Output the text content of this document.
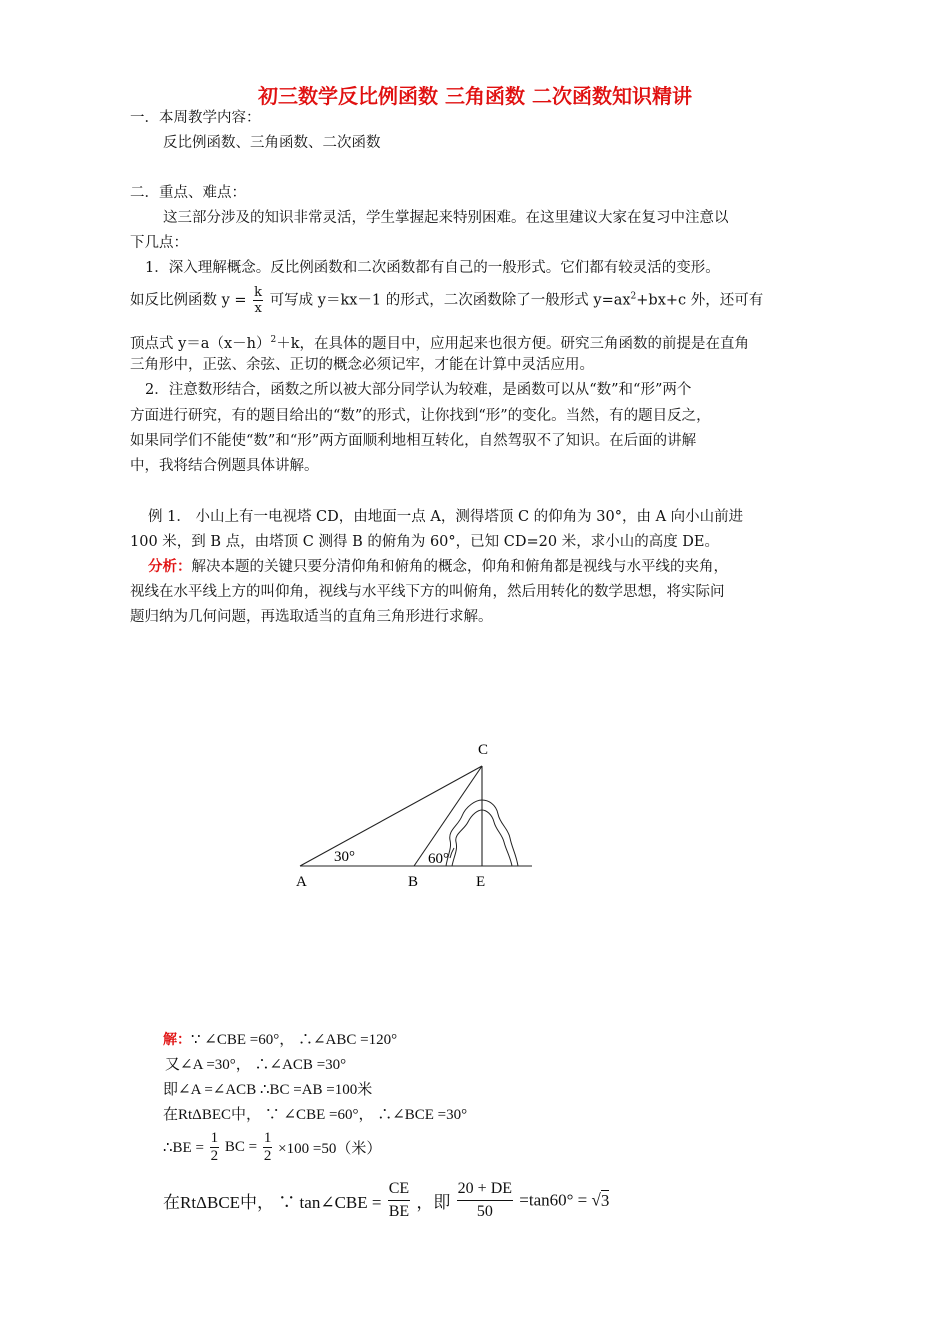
初三数学反比例函数 三角函数 二次函数知识精讲
一．本周教学内容：
反比例函数、三角函数、二次函数
二．重点、难点：
这三部分涉及的知识非常灵活，学生掌握起来特别困难。在这里建议大家在复习中注意以
下几点：
1．深入理解概念。反比例函数和二次函数都有自己的一般形式。它们都有较灵活的变形。
如反比例函数 $y = \frac{k}{x}$ 可写成 y＝kx－1 的形式，二次函数除了一般形式 $y=ax^2+bx+c$ 外，还可有
顶点式 $y=a(x-h)^2+k$，在具体的题目中，应用起来也很方便。研究三角函数的前提是在直角
三角形中，正弦、余弦、正切的概念必须记牢，才能在计算中灵活应用。
2．注意数形结合，函数之所以被大部分同学认为较难，是函数可以从“数”和“形”两个
方面进行研究，有的题目给出的“数”的形式，让你找到“形”的变化。当然，有的题目反之，
如果同学们不能使“数”和“形”两方面顺利地相互转化，自然驾驭不了知识。在后面的讲解
中，我将结合例题具体讲解。
例 1． 小山上有一电视塔 CD，由地面一点 A，测得塔顶 C 的仰角为 30°，由 A 向小山前进
100 米，到 B 点，由塔顶 C 测得 B 的俯角为 60°，已知 CD=20 米，求小山的高度 DE。
分析：解决本题的关键只要分清仰角和俯角的概念，仰角和俯角都是视线与水平线的夹角，
视线在水平线上方的叫仰角，视线与水平线下方的叫俯角，然后用转化的数学思想，将实际问
题归纳为几何问题，再选取适当的直角三角形进行求解。
C
A	B	E
30°	60°
解：∵ ∠CBE =60°， ∴∠ABC =120°
又∠A =30°， ∴∠ACB =30°
即∠A =∠ACB ∴BC =AB =100米
在RtΔBEC中， ∵ ∠CBE =60°， ∴∠BCE =30°
∴BE = $\frac{1}{2}$ BC = $\frac{1}{2} \times 100 =50$（米）
在RtΔBCE中， ∵ tan∠CBE = $\frac{CE}{BE}$ ，即 $\frac{20 + DE}{50} =\tan 60^\circ = √3$
